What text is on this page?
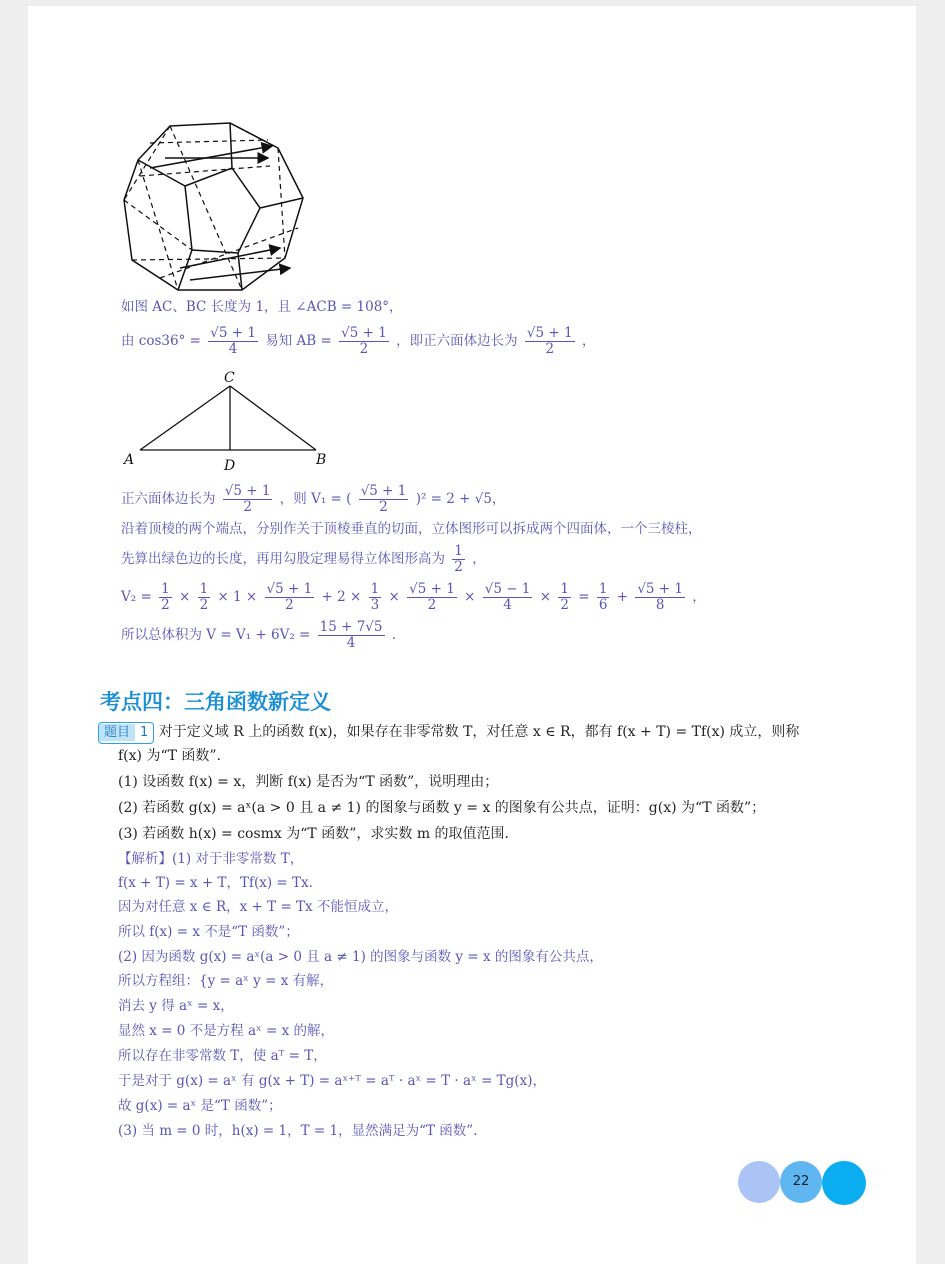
如图 AC、BC 长度为 1，且 ∠ACB = 108°，
由 $\cos 36^\circ = \frac{√5 + 1}{4}$ 易知 AB = $\frac{√5 + 1}{2}$ ，即正六面体边长为 $\frac{√5 + 1}{2}$ ，
C
A	D	B
正六面体边长为 $\frac{√5 + 1}{2}$ ，则 V₁ = ( $\frac{√5 + 1}{2} )^2 = 2 + √5$，
沿着顶棱的两个端点，分别作关于顶棱垂直的切面，立体图形可以拆成两个四面体，一个三棱柱，
先算出绿色边的长度，再用勾股定理易得立体图形高为 $\frac{1}{2}$ ，
$V_2 = \frac{1}{2} \times \frac{1}{2} \times 1 \times \frac{√5 + 1}{2} + 2 \times \frac{1}{3} \times \frac{√5 + 1}{2} \times \frac{√5 - 1}{4} \times \frac{1}{2} = \frac{1}{6} + \frac{√5 + 1}{8}$ ，
所以总体积为 $V = V_1 + 6V_2 = \frac{15 + 7√5}{4}$ .
考点四：三角函数新定义
题目 1 对于定义域 R 上的函数 f(x)，如果存在非零常数 T，对任意 x ∈ R，都有 f(x + T) = Tf(x) 成立，则称
f(x) 为“T 函数”.
(1) 设函数 f(x) = x，判断 f(x) 是否为“T 函数”，说明理由；
(2) 若函数 g(x) = aˣ(a > 0 且 a ≠ 1) 的图象与函数 y = x 的图象有公共点，证明：g(x) 为“T 函数”；
(3) 若函数 h(x) = cosmx 为“T 函数”，求实数 m 的取值范围.
【解析】(1) 对于非零常数 T，
f(x + T) = x + T，Tf(x) = Tx.
因为对任意 x ∈ R，x + T = Tx 不能恒成立，
所以 f(x) = x 不是“T 函数”；
(2) 因为函数 g(x) = aˣ(a > 0 且 a ≠ 1) 的图象与函数 y = x 的图象有公共点，
所以方程组：{y = aˣ y = x 有解，
消去 y 得 aˣ = x，
显然 x = 0 不是方程 aˣ = x 的解，
所以存在非零常数 T，使 aᵀ = T，
于是对于 g(x) = aˣ 有 g(x + T) = aˣ⁺ᵀ = aᵀ · aˣ = T · aˣ = Tg(x)，
故 g(x) = aˣ 是“T 函数”；
(3) 当 m = 0 时，h(x) = 1，T = 1，显然满足为“T 函数”.
22
